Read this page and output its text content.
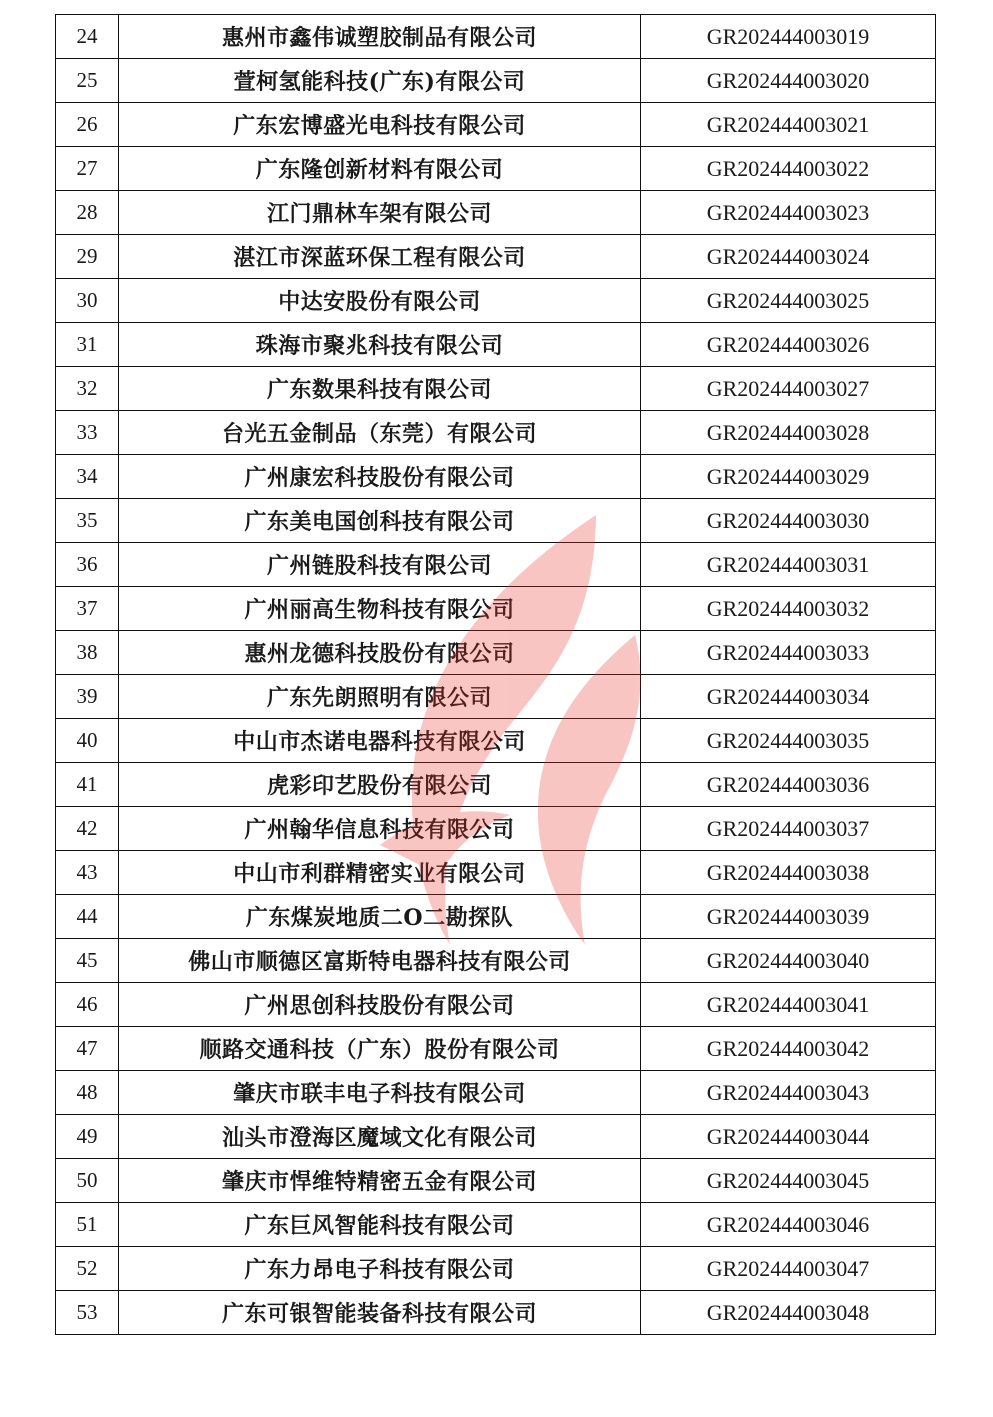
24	惠州市鑫伟诚塑胶制品有限公司	GR202444003019
25	萱柯氢能科技(广东)有限公司	GR202444003020
26	广东宏博盛光电科技有限公司	GR202444003021
27	广东隆创新材料有限公司	GR202444003022
28	江门鼎林车架有限公司	GR202444003023
29	湛江市深蓝环保工程有限公司	GR202444003024
30	中达安股份有限公司	GR202444003025
31	珠海市聚兆科技有限公司	GR202444003026
32	广东数果科技有限公司	GR202444003027
33	台光五金制品（东莞）有限公司	GR202444003028
34	广州康宏科技股份有限公司	GR202444003029
35	广东美电国创科技有限公司	GR202444003030
36	广州链股科技有限公司	GR202444003031
37	广州丽高生物科技有限公司	GR202444003032
38	惠州龙德科技股份有限公司	GR202444003033
39	广东先朗照明有限公司	GR202444003034
40	中山市杰诺电器科技有限公司	GR202444003035
41	虎彩印艺股份有限公司	GR202444003036
42	广州翰华信息科技有限公司	GR202444003037
43	中山市利群精密实业有限公司	GR202444003038
44	广东煤炭地质二O二勘探队	GR202444003039
45	佛山市顺德区富斯特电器科技有限公司	GR202444003040
46	广州思创科技股份有限公司	GR202444003041
47	顺路交通科技（广东）股份有限公司	GR202444003042
48	肇庆市联丰电子科技有限公司	GR202444003043
49	汕头市澄海区魔域文化有限公司	GR202444003044
50	肇庆市悍维特精密五金有限公司	GR202444003045
51	广东巨风智能科技有限公司	GR202444003046
52	广东力昂电子科技有限公司	GR202444003047
53	广东可银智能装备科技有限公司	GR202444003048
